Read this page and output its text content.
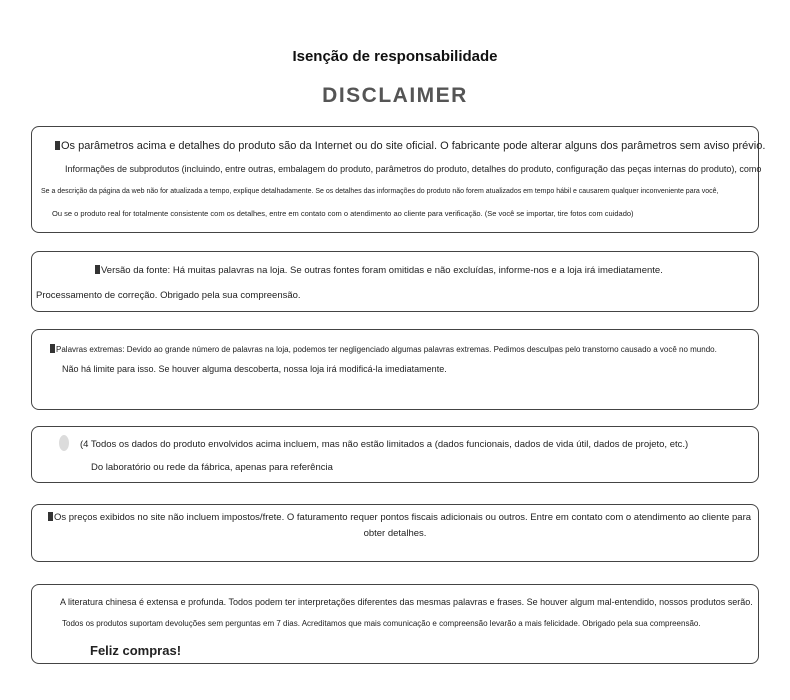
Isenção de responsabilidade
DISCLAIMER
Os parâmetros acima e detalhes do produto são da Internet ou do site oficial. O fabricante pode alterar alguns dos parâmetros sem aviso prévio.
Informações de subprodutos (incluindo, entre outras, embalagem do produto, parâmetros do produto, detalhes do produto, configuração das peças internas do produto), como
Se a descrição da página da web não for atualizada a tempo, explique detalhadamente. Se os detalhes das informações do produto não forem atualizados em tempo hábil e causarem qualquer inconveniente para você,
Ou se o produto real for totalmente consistente com os detalhes, entre em contato com o atendimento ao cliente para verificação. (Se você se importar, tire fotos com cuidado)
Versão da fonte: Há muitas palavras na loja. Se outras fontes foram omitidas e não excluídas, informe-nos e a loja irá imediatamente.
Processamento de correção. Obrigado pela sua compreensão.
Palavras extremas: Devido ao grande número de palavras na loja, podemos ter negligenciado algumas palavras extremas. Pedimos desculpas pelo transtorno causado a você no mundo.
Não há limite para isso. Se houver alguma descoberta, nossa loja irá modificá-la imediatamente.
(4 Todos os dados do produto envolvidos acima incluem, mas não estão limitados a (dados funcionais, dados de vida útil, dados de projeto, etc.)
Do laboratório ou rede da fábrica, apenas para referência
Os preços exibidos no site não incluem impostos/frete. O faturamento requer pontos fiscais adicionais ou outros. Entre em contato com o atendimento ao cliente para
obter detalhes.
A literatura chinesa é extensa e profunda. Todos podem ter interpretações diferentes das mesmas palavras e frases. Se houver algum mal-entendido, nossos produtos serão.
Todos os produtos suportam devoluções sem perguntas em 7 dias. Acreditamos que mais comunicação e compreensão levarão a mais felicidade. Obrigado pela sua compreensão.
Feliz compras!
